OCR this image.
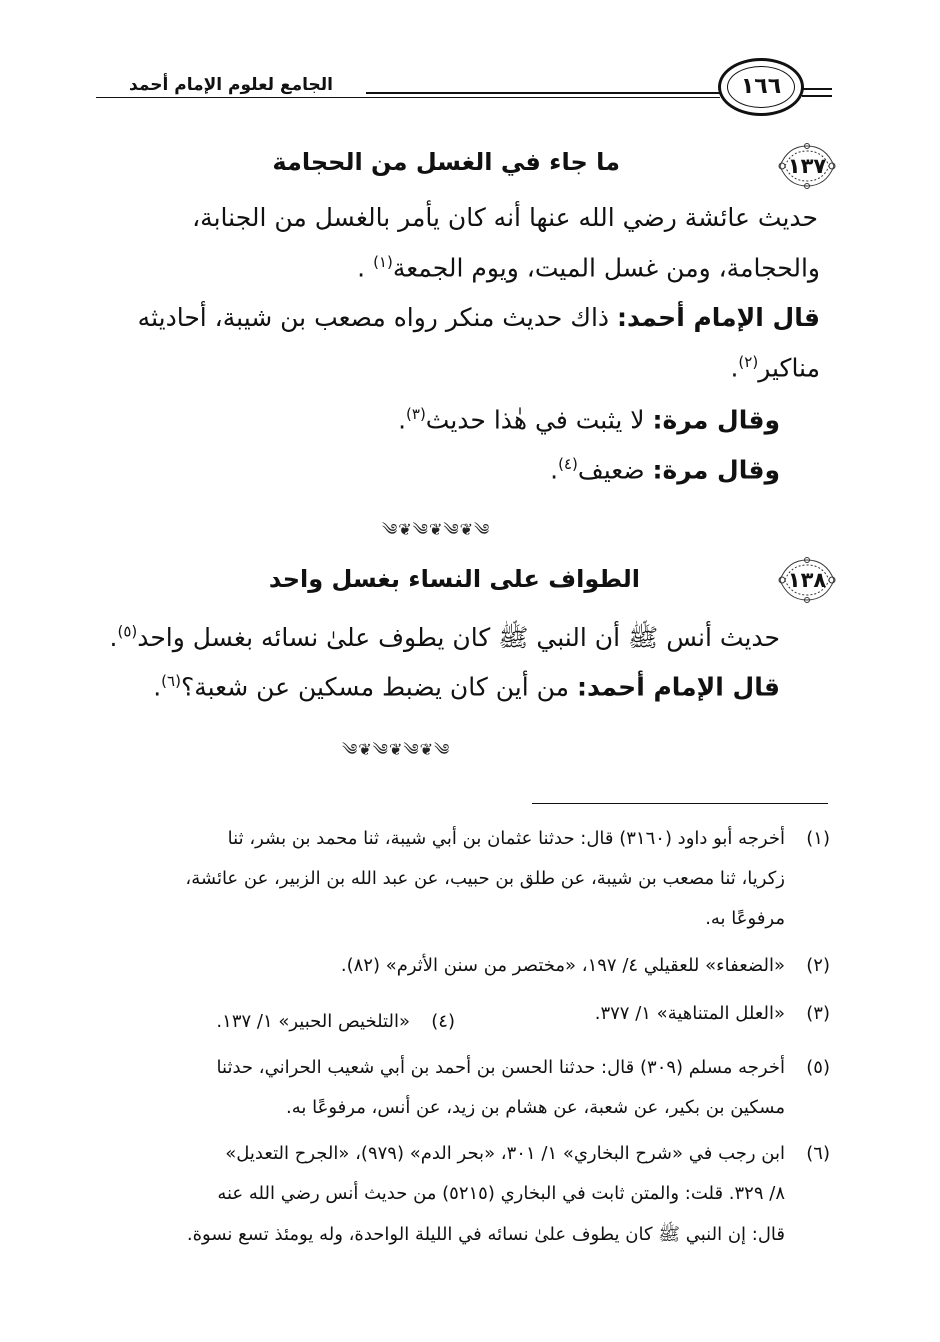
الجامع لعلوم الإمام أحمد	١٦٦
١٣٧
ما جاء في الغسل من الحجامة
حديث عائشة رضي الله عنها أنه كان يأمر بالغسل من الجنابة،
والحجامة، ومن غسل الميت، ويوم الجمعة$^{(١)}$ .
قال الإمام أحمد: ذاك حديث منكر رواه مصعب بن شيبة، أحاديثه
مناكير$^{(٢)}$.
وقال مرة: لا يثبت في هٰذا حديث$^{(٣)}$.
وقال مرة: ضعيف$^{(٤)}$.
༄❦༄❦༄❦༄
١٣٨
الطواف على النساء بغسل واحد
حديث أنس ﷺ أن النبي ﷺ كان يطوف علىٰ نسائه بغسل واحد$^{(٥)}$.
قال الإمام أحمد: من أين كان يضبط مسكين عن شعبة؟$^{(٦)}$.
༄❦༄❦༄❦༄
(١)
أخرجه أبو داود (٣١٦٠) قال: حدثنا عثمان بن أبي شيبة، ثنا محمد بن بشر، ثنا
زكريا، ثنا مصعب بن شيبة، عن طلق بن حبيب، عن عبد الله بن الزبير، عن عائشة،
مرفوعًا به.
(٢)
«الضعفاء» للعقيلي ٤/ ١٩٧، «مختصر من سنن الأثرم» (٨٢).
(٣)
«العلل المتناهية» ١/ ٣٧٧.
(٤)
«التلخيص الحبير» ١/ ١٣٧.
(٥)
أخرجه مسلم (٣٠٩) قال: حدثنا الحسن بن أحمد بن أبي شعيب الحراني، حدثنا
مسكين بن بكير، عن شعبة، عن هشام بن زيد، عن أنس، مرفوعًا به.
(٦)
ابن رجب في «شرح البخاري» ١/ ٣٠١، «بحر الدم» (٩٧٩)، «الجرح التعديل»
٨/ ٣٢٩. قلت: والمتن ثابت في البخاري (٥٢١٥) من حديث أنس رضي الله عنه
قال: إن النبي ﷺ كان يطوف علىٰ نسائه في الليلة الواحدة، وله يومئذ تسع نسوة.
